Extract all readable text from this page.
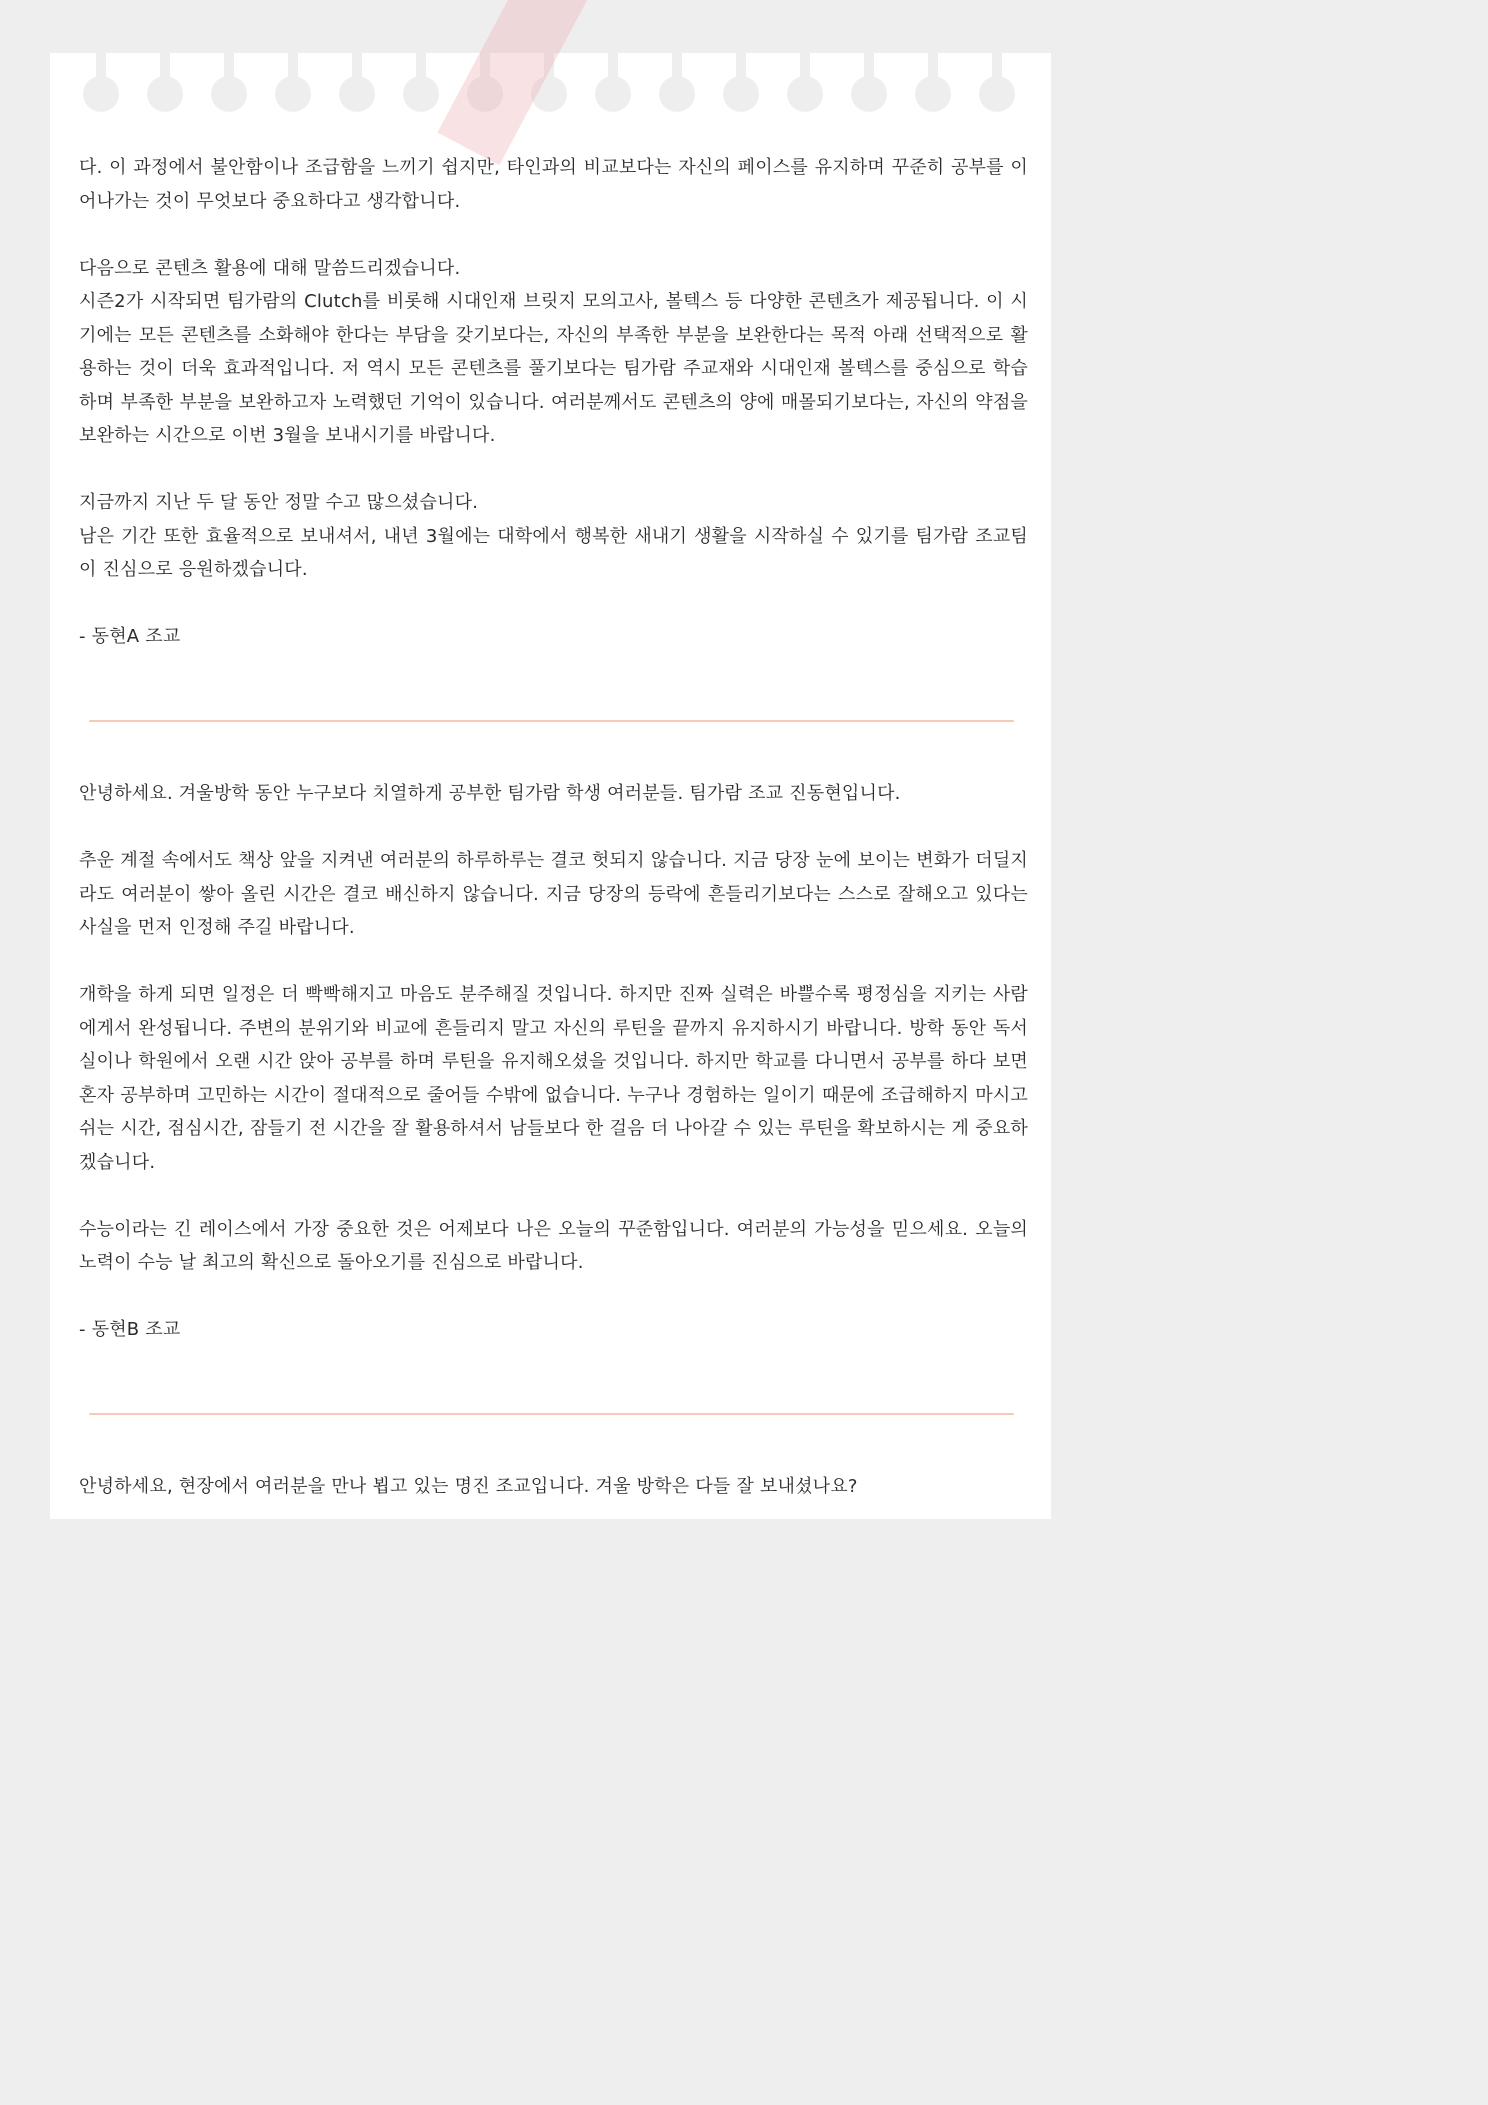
다. 이 과정에서 불안함이나 조급함을 느끼기 쉽지만, 타인과의 비교보다는 자신의 페이스를 유지하며 꾸준히 공부를 이어나가는 것이 무엇보다 중요하다고 생각합니다.

다음으로 콘텐츠 활용에 대해 말씀드리겠습니다.

시즌2가 시작되면 팀가람의 Clutch를 비롯해 시대인재 브릿지 모의고사, 볼텍스 등 다양한 콘텐츠가 제공됩니다. 이 시기에는 모든 콘텐츠를 소화해야 한다는 부담을 갖기보다는, 자신의 부족한 부분을 보완한다는 목적 아래 선택적으로 활용하는 것이 더욱 효과적입니다. 저 역시 모든 콘텐츠를 풀기보다는 팀가람 주교재와 시대인재 볼텍스를 중심으로 학습하며 부족한 부분을 보완하고자 노력했던 기억이 있습니다. 여러분께서도 콘텐츠의 양에 매몰되기보다는, 자신의 약점을 보완하는 시간으로 이번 3월을 보내시기를 바랍니다.

지금까지 지난 두 달 동안 정말 수고 많으셨습니다.

남은 기간 또한 효율적으로 보내셔서, 내년 3월에는 대학에서 행복한 새내기 생활을 시작하실 수 있기를 팀가람 조교팀이 진심으로 응원하겠습니다.

- 동현A 조교

안녕하세요. 겨울방학 동안 누구보다 치열하게 공부한 팀가람 학생 여러분들. 팀가람 조교 진동현입니다.

추운 계절 속에서도 책상 앞을 지켜낸 여러분의 하루하루는 결코 헛되지 않습니다. 지금 당장 눈에 보이는 변화가 더딜지라도 여러분이 쌓아 올린 시간은 결코 배신하지 않습니다. 지금 당장의 등락에 흔들리기보다는 스스로 잘해오고 있다는 사실을 먼저 인정해 주길 바랍니다.

개학을 하게 되면 일정은 더 빡빡해지고 마음도 분주해질 것입니다. 하지만 진짜 실력은 바쁠수록 평정심을 지키는 사람에게서 완성됩니다. 주변의 분위기와 비교에 흔들리지 말고 자신의 루틴을 끝까지 유지하시기 바랍니다. 방학 동안 독서실이나 학원에서 오랜 시간 앉아 공부를 하며 루틴을 유지해오셨을 것입니다. 하지만 학교를 다니면서 공부를 하다 보면 혼자 공부하며 고민하는 시간이 절대적으로 줄어들 수밖에 없습니다. 누구나 경험하는 일이기 때문에 조급해하지 마시고 쉬는 시간, 점심시간, 잠들기 전 시간을 잘 활용하셔서 남들보다 한 걸음 더 나아갈 수 있는 루틴을 확보하시는 게 중요하겠습니다.

수능이라는 긴 레이스에서 가장 중요한 것은 어제보다 나은 오늘의 꾸준함입니다. 여러분의 가능성을 믿으세요. 오늘의 노력이 수능 날 최고의 확신으로 돌아오기를 진심으로 바랍니다.

- 동현B 조교

안녕하세요, 현장에서 여러분을 만나 뵙고 있는 명진 조교입니다. 겨울 방학은 다들 잘 보내셨나요?
